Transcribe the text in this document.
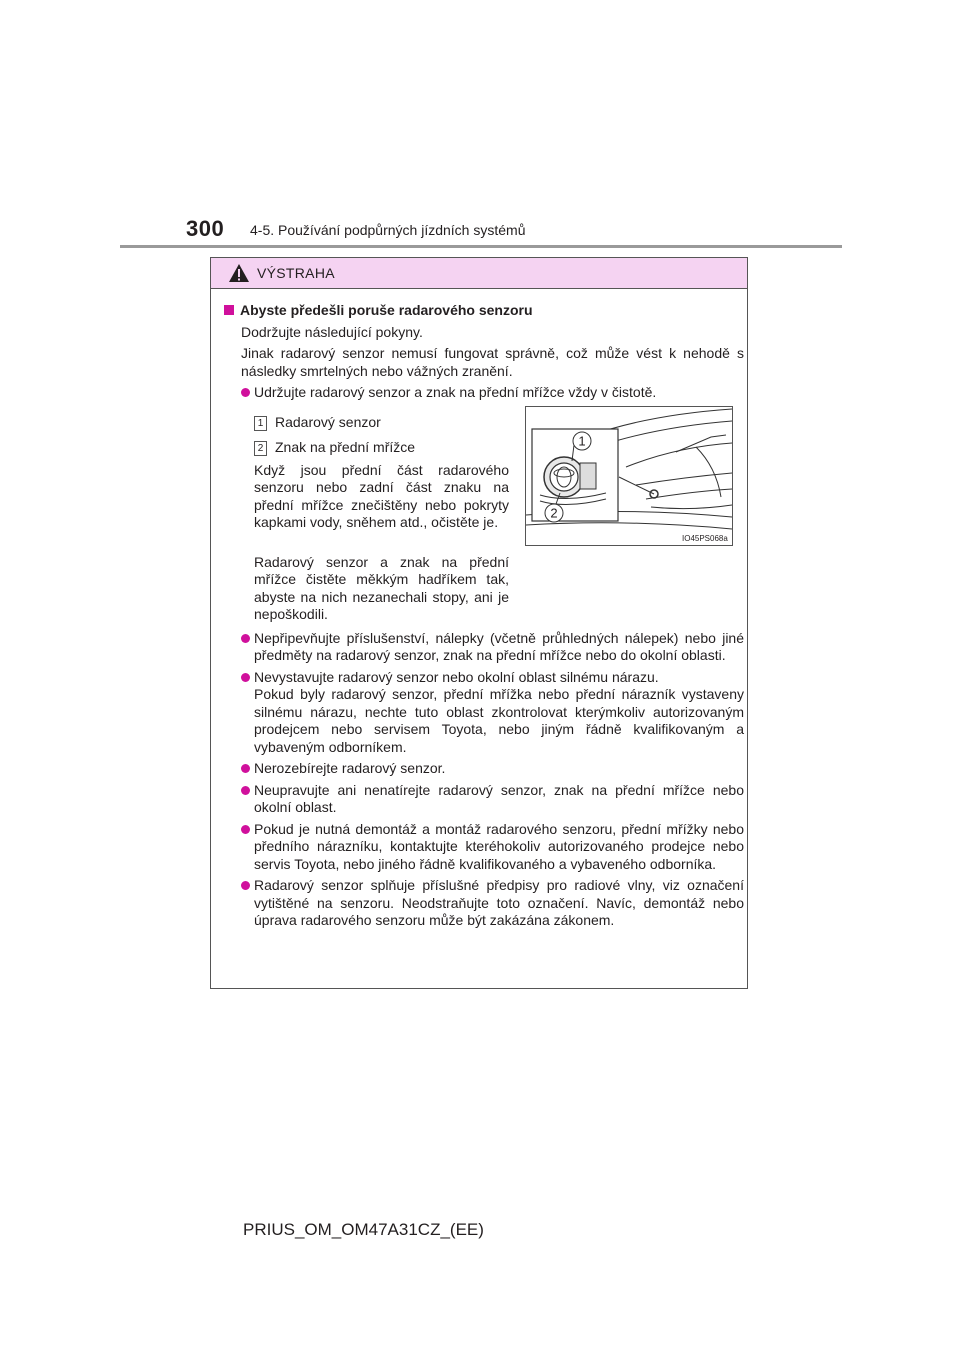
300 4-5. Používání podpůrných jízdních systémů
VÝSTRAHA
Abyste předešli poruše radarového senzoru
Dodržujte následující pokyny.
Jinak radarový senzor nemusí fungovat správně, což může vést k nehodě s následky smrtelných nebo vážných zranění.
Udržujte radarový senzor a znak na přední mřížce vždy v čistotě.
1 Radarový senzor
2 Znak na přední mřížce
Když jsou přední část radarového senzoru nebo zadní část znaku na přední mřížce znečištěny nebo pokryty kapkami vody, sněhem atd., očistěte je.
Radarový senzor a znak na přední mřížce čistěte měkkým hadříkem tak, abyste na nich nezanechali stopy, ani je nepoškodili.
1
2
IO45PS068a
Nepřipevňujte příslušenství, nálepky (včetně průhledných nálepek) nebo jiné předměty na radarový senzor, znak na přední mřížce nebo do okolní oblasti.
Nevystavujte radarový senzor nebo okolní oblast silnému nárazu.
Pokud byly radarový senzor, přední mřížka nebo přední nárazník vystaveny silnému nárazu, nechte tuto oblast zkontrolovat kterýmkoliv autorizovaným prodejcem nebo servisem Toyota, nebo jiným řádně kvalifikovaným a vybaveným odborníkem.
Nerozebírejte radarový senzor.
Neupravujte ani nenatírejte radarový senzor, znak na přední mřížce nebo okolní oblast.
Pokud je nutná demontáž a montáž radarového senzoru, přední mřížky nebo předního nárazníku, kontaktujte kteréhokoliv autorizovaného prodejce nebo servis Toyota, nebo jiného řádně kvalifikovaného a vybaveného odborníka.
Radarový senzor splňuje příslušné předpisy pro radiové vlny, viz označení vytištěné na senzoru. Neodstraňujte toto označení. Navíc, demontáž nebo úprava radarového senzoru může být zakázána zákonem.
PRIUS_OM_OM47A31CZ_(EE)
